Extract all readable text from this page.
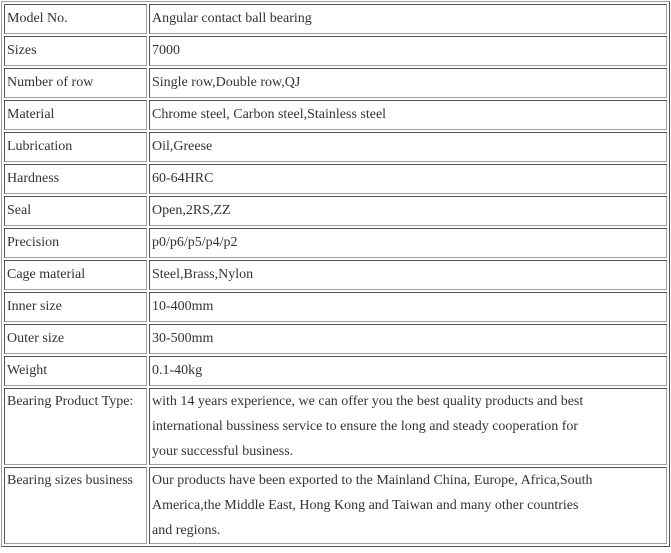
Model No.	Angular contact ball bearing
Sizes	7000
Number of row	Single row,Double row,QJ
Material	Chrome steel, Carbon steel,Stainless steel
Lubrication	Oil,Greese
Hardness	60-64HRC
Seal	Open,2RS,ZZ
Precision	p0/p6/p5/p4/p2
Cage material	Steel,Brass,Nylon
Inner size	10-400mm
Outer size	30-500mm
Weight	0.1-40kg
Bearing Product Type:	with 14 years experience, we can offer you the best quality products and best
international bussiness service to ensure the long and steady cooperation for
your successful business.

Bearing sizes business	Our products have been exported to the Mainland China, Europe, Africa,South
America,the Middle East, Hong Kong and Taiwan and many other countries
and regions.
